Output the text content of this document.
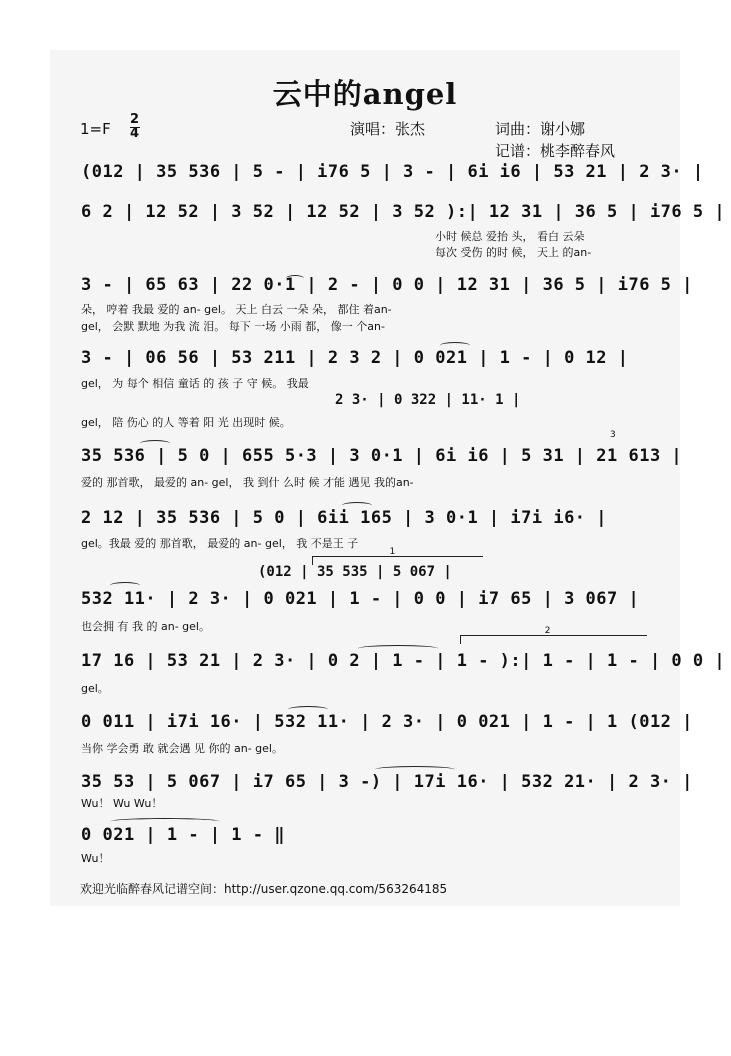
云中的angel
1=F
2
4	演唱：张杰	词曲：谢小娜
记谱：桃李醉春风
(012 | 35 536 | 5 - | i76 5 | 3 - | 6i i6 | 53 21 | 2 3· |
6 2 | 12 52 | 3 52 | 12 52 | 3 52 ):| 12 31 | 36 5 | i76 5 |
小时 候总 爱抬 头， 看白 云朵
每次 受伤 的时 候， 天上 的an-
3 - | 65 63 | 22 0·1 | 2 - | 0 0 | 12 31 | 36 5 | i76 5 |
朵， 哼着 我最 爱的 an- gel。 天上 白云 一朵 朵， 都住 着an-
gel， 会默 默地 为我 流 泪。 每下 一场 小雨 都， 像一 个an-
3 - | 06 56 | 53 211 | 2 3 2 | 0 021 | 1 - | 0 12 |
gel， 为 每个 相信 童话 的 孩 子 守 候。 我最
2 3· | 0 322 | 11· 1 |
gel， 陪 伤心 的人 等着 阳 光 出现时 候。
35 536 | 5 0 | 655 5·3 | 3 0·1 | 6i i6 | 5 31 | 21 613 |
爱的 那首歌， 最爱的 an- gel， 我 到什 么时 候 才能 遇见 我的an-
3
2 12 | 35 536 | 5 0 | 6ii 165 | 3 0·1 | i7i i6· |
gel。我最 爱的 那首歌， 最爱的 an- gel， 我 不是王 子
1
(012 | 35 535 | 5 067 |
532 11· | 2 3· | 0 021 | 1 - | 0 0 | i7 65 | 3 067 |
也会拥 有 我 的 an- gel。	2
17 16 | 53 21 | 2 3· | 0 2 | 1 - | 1 - ):| 1 - | 1 - | 0 0 |
gel。
0 011 | i7i 16· | 532 11· | 2 3· | 0 021 | 1 - | 1 (012 |
当你 学会勇 敢 就会遇 见 你的 an- gel。
35 53 | 5 067 | i7 65 | 3 -) | 17i 16· | 532 21· | 2 3· |
Wu！ Wu Wu！
0 021 | 1 - | 1 - ‖
Wu！
欢迎光临醉春风记谱空间：http://user.qzone.qq.com/563264185
